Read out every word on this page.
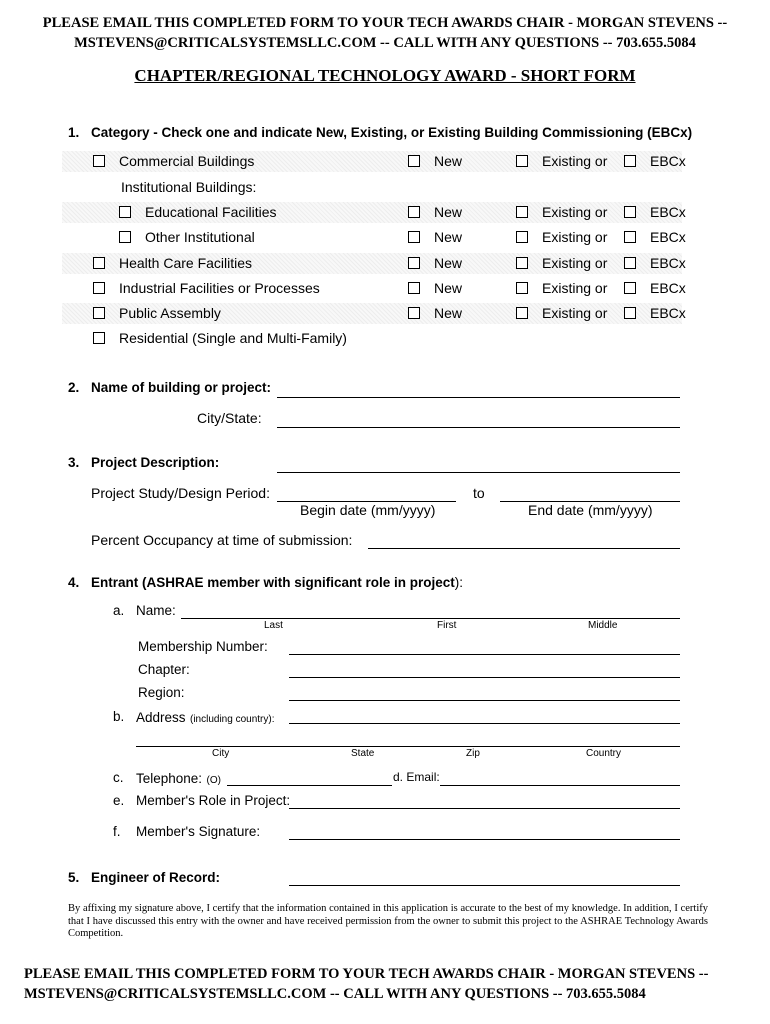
PLEASE EMAIL THIS COMPLETED FORM TO YOUR TECH AWARDS CHAIR - MORGAN STEVENS --
MSTEVENS@CRITICALSYSTEMSLLC.COM -- CALL WITH ANY QUESTIONS -- 703.655.5084
CHAPTER/REGIONAL TECHNOLOGY AWARD - SHORT FORM
1. Category - Check one and indicate New, Existing, or Existing Building Commissioning (EBCx)
Commercial Buildings	New	Existing or	EBCx
Institutional Buildings:
Educational Facilities	New	Existing or	EBCx
Other Institutional	New	Existing or	EBCx
Health Care Facilities	New	Existing or	EBCx
Industrial Facilities or Processes	New	Existing or	EBCx
Public Assembly	New	Existing or	EBCx
Residential (Single and Multi-Family)
2. Name of building or project:
City/State:
3. Project Description:
Project Study/Design Period:	to
Begin date (mm/yyyy)	End date (mm/yyyy)
Percent Occupancy at time of submission:
4. Entrant (ASHRAE member with significant role in project):
a. Name:
Last	First	Middle
Membership Number:
Chapter:
Region:
b. Address (including country):
City	State	Zip	Country
c. Telephone: (O)	d. Email:
e. Member's Role in Project:
f. Member's Signature:
5. Engineer of Record:
By affixing my signature above, I certify that the information contained in this application is accurate to the best of my knowledge. In addition, I certify that I have discussed this entry with the owner and have received permission from the owner to submit this project to the ASHRAE Technology Awards Competition.
PLEASE EMAIL THIS COMPLETED FORM TO YOUR TECH AWARDS CHAIR - MORGAN STEVENS --
MSTEVENS@CRITICALSYSTEMSLLC.COM -- CALL WITH ANY QUESTIONS -- 703.655.5084
